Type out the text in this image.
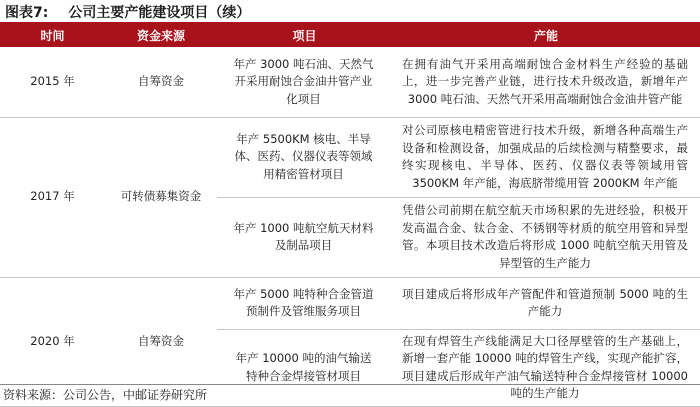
图表7: 公司主要产能建设项目（续）
时间	资金来源	项目	产能
2015 年	自筹资金	年产 3000 吨石油、天然气开采用耐蚀合金油井管产业化项目	在拥有油气开采用高端耐蚀合金材料生产经验的基础上，进一步完善产业链，进行技术升级改造，新增年产 3000 吨石油、天然气开采用高端耐蚀合金油井管产能
2017 年	可转债募集资金	年产 5500KM 核电、半导体、医药、仪器仪表等领域用精密管材项目	对公司原核电精密管进行技术升级，新增各种高端生产设备和检测设备，加强成品的后续检测与精整要求，最终实现核电、半导体、医药、仪器仪表等领域用管 3500KM 年产能，海底脐带缆用管 2000KM 年产能
		年产 1000 吨航空航天材料及制品项目	凭借公司前期在航空航天市场积累的先进经验，积极开发高温合金、钛合金、不锈钢等材质的航空用管和异型管。本项目技术改造后将形成 1000 吨航空航天用管及异型管的生产能力
2020 年	自筹资金	年产 5000 吨特种合金管道预制件及管维服务项目	项目建成后将形成年产管配件和管道预制 5000 吨的生产能力
		年产 10000 吨的油气输送特种合金焊接管材项目	在现有焊管生产线能满足大口径厚壁管的生产基础上，新增一套产能 10000 吨的焊管生产线，实现产能扩容，项目建成后形成年产油气输送特种合金焊接管材 10000 吨的生产能力
资料来源：公司公告，中邮证券研究所
